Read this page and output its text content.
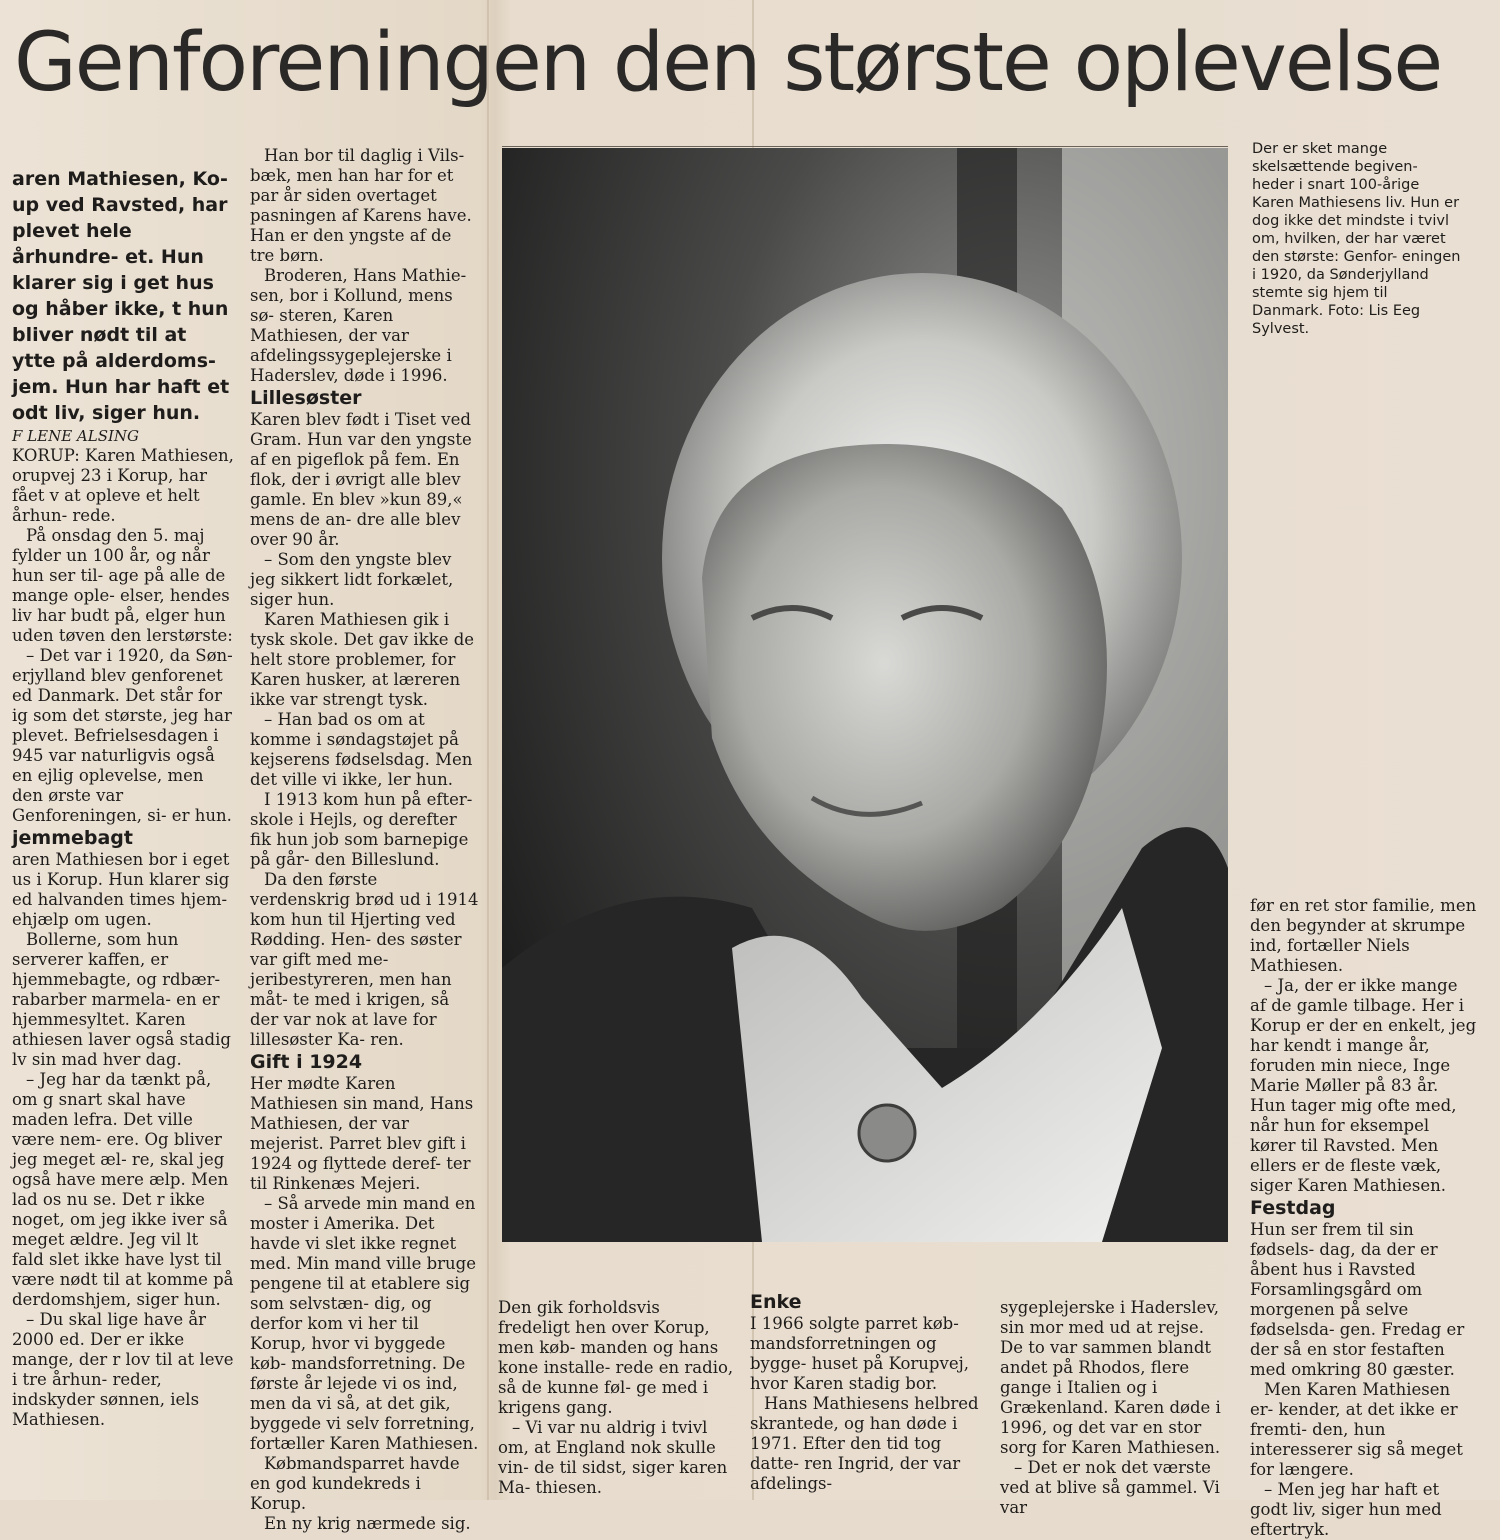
Genforeningen den største oplevelse

aren Mathiesen, Ko- up ved Ravsted, har plevet hele århundre- et. Hun klarer sig i get hus og håber ikke, t hun bliver nødt til at ytte på alderdoms- jem. Hun har haft et odt liv, siger hun.

F LENE ALSING

KORUP: Karen Mathiesen, orupvej 23 i Korup, har fået v at opleve et helt århun- rede.

På onsdag den 5. maj fylder un 100 år, og når hun ser til- age på alle de mange ople- elser, hendes liv har budt på, elger hun uden tøven den lerstørste:

– Det var i 1920, da Søn- erjylland blev genforenet ed Danmark. Det står for ig som det største, jeg har plevet. Befrielsesdagen i 945 var naturligvis også en ejlig oplevelse, men den ørste var Genforeningen, si- er hun.

jemmebagt

aren Mathiesen bor i eget us i Korup. Hun klarer sig ed halvanden times hjem- ehjælp om ugen.

Bollerne, som hun serverer kaffen, er hjemmebagte, og rdbær-rabarber marmela- en er hjemmesyltet. Karen athiesen laver også stadig lv sin mad hver dag.

– Jeg har da tænkt på, om g snart skal have maden lefra. Det ville være nem- ere. Og bliver jeg meget æl- re, skal jeg også have mere ælp. Men lad os nu se. Det r ikke noget, om jeg ikke iver så meget ældre. Jeg vil lt fald slet ikke have lyst til være nødt til at komme på derdomshjem, siger hun.

– Du skal lige have år 2000 ed. Der er ikke mange, der r lov til at leve i tre århun- reder, indskyder sønnen, iels Mathiesen.

Han bor til daglig i Vils- bæk, men han har for et par år siden overtaget pasningen af Karens have. Han er den yngste af de tre børn.

Broderen, Hans Mathie- sen, bor i Kollund, mens sø- steren, Karen Mathiesen, der var afdelingssygeplejerske i Haderslev, døde i 1996.

Lillesøster

Karen blev født i Tiset ved Gram. Hun var den yngste af en pigeflok på fem. En flok, der i øvrigt alle blev gamle. En blev »kun 89,« mens de an- dre alle blev over 90 år.

– Som den yngste blev jeg sikkert lidt forkælet, siger hun.

Karen Mathiesen gik i tysk skole. Det gav ikke de helt store problemer, for Karen husker, at læreren ikke var strengt tysk.

– Han bad os om at komme i søndagstøjet på kejserens fødselsdag. Men det ville vi ikke, ler hun.

I 1913 kom hun på efter- skole i Hejls, og derefter fik hun job som barnepige på går- den Billeslund.

Da den første verdenskrig brød ud i 1914 kom hun til Hjerting ved Rødding. Hen- des søster var gift med me- jeribestyreren, men han måt- te med i krigen, så der var nok at lave for lillesøster Ka- ren.

Gift i 1924

Her mødte Karen Mathiesen sin mand, Hans Mathiesen, der var mejerist. Parret blev gift i 1924 og flyttede deref- ter til Rinkenæs Mejeri.

– Så arvede min mand en moster i Amerika. Det havde vi slet ikke regnet med. Min mand ville bruge pengene til at etablere sig som selvstæn- dig, og derfor kom vi her til Korup, hvor vi byggede køb- mandsforretning. De første år lejede vi os ind, men da vi så, at det gik, byggede vi selv forretning, fortæller Karen Mathiesen.

Købmandsparret havde en god kundekreds i Korup.

En ny krig nærmede sig.

Der er sket mange skelsættende begiven- heder i snart 100-årige Karen Mathiesens liv. Hun er dog ikke det mindste i tvivl om, hvilken, der har været den største: Genfor- eningen i 1920, da Sønderjylland stemte sig hjem til Danmark. Foto: Lis Eeg Sylvest.

Den gik forholdsvis fredeligt hen over Korup, men køb- manden og hans kone installe- rede en radio, så de kunne føl- ge med i krigens gang.

– Vi var nu aldrig i tvivl om, at England nok skulle vin- de til sidst, siger karen Ma- thiesen.

Enke

I 1966 solgte parret køb- mandsforretningen og bygge- huset på Korupvej, hvor Karen stadig bor.

Hans Mathiesens helbred skrantede, og han døde i 1971. Efter den tid tog datte- ren Ingrid, der var afdelings-

sygeplejerske i Haderslev, sin mor med ud at rejse. De to var sammen blandt andet på Rhodos, flere gange i Italien og i Grækenland. Karen døde i 1996, og det var en stor sorg for Karen Mathiesen.

– Det er nok det værste ved at blive så gammel. Vi var

før en ret stor familie, men den begynder at skrumpe ind, fortæller Niels Mathiesen.

– Ja, der er ikke mange af de gamle tilbage. Her i Korup er der en enkelt, jeg har kendt i mange år, foruden min niece, Inge Marie Møller på 83 år. Hun tager mig ofte med, når hun for eksempel kører til Ravsted. Men ellers er de fleste væk, siger Karen Mathiesen.

Festdag

Hun ser frem til sin fødsels- dag, da der er åbent hus i Ravsted Forsamlingsgård om morgenen på selve fødselsda- gen. Fredag er der så en stor festaften med omkring 80 gæster.

Men Karen Mathiesen er- kender, at det ikke er fremti- den, hun interesserer sig så meget for længere.

– Men jeg har haft et godt liv, siger hun med eftertryk.
